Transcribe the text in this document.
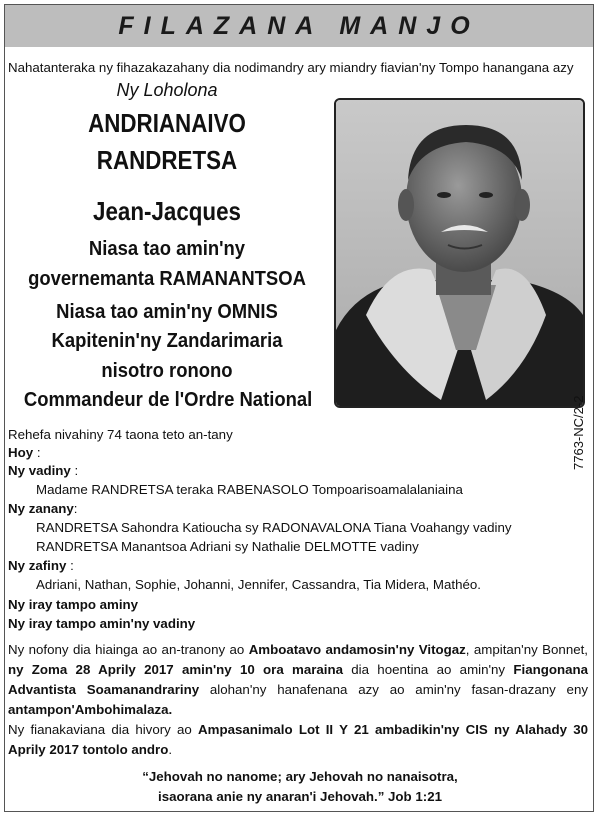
FILAZANA MANJO
Nahatanteraka ny fihazakazahany dia nodimandry ary miandry fiavian'ny Tompo hanangana azy
Ny Loholona
ANDRIANAIVO
RANDRETSA
Jean-Jacques
Niasa tao amin'ny
governemanta RAMANANTSOA
Niasa tao amin'ny OMNIS
Kapitenin'ny Zandarimaria
nisotro ronono
Commandeur de l'Ordre National	7763-NC/2-2
Rehefa nivahiny 74 taona teto an-tany
Hoy :
Ny vadiny :
Madame RANDRETSA teraka RABENASOLO Tompoarisoamalalaniaina
Ny zanany:
RANDRETSA Sahondra Katioucha sy RADONAVALONA Tiana Voahangy vadiny
RANDRETSA Manantsoa Adriani sy Nathalie DELMOTTE vadiny
Ny zafiny :
Adriani, Nathan, Sophie, Johanni, Jennifer, Cassandra, Tia Midera, Mathéo.
Ny iray tampo aminy
Ny iray tampo amin'ny vadiny
Ny nofony dia hiainga ao an-tranony ao Amboatavo andamosin'ny Vitogaz, ampitan'ny Bonnet, ny Zoma 28 Aprily 2017 amin'ny 10 ora maraina dia hoentina ao amin'ny Fiangonana Advantista Soamanandrariny alohan'ny hanafenana azy ao amin'ny fasan-drazany eny antampon'Ambohimalaza.
Ny fianakaviana dia hivory ao Ampasanimalo Lot II Y 21 ambadikin'ny CIS ny Alahady 30 Aprily 2017 tontolo andro.
“Jehovah no nanome; ary Jehovah no nanaisotra,
isaorana anie ny anaran'i Jehovah.” Job 1:21
